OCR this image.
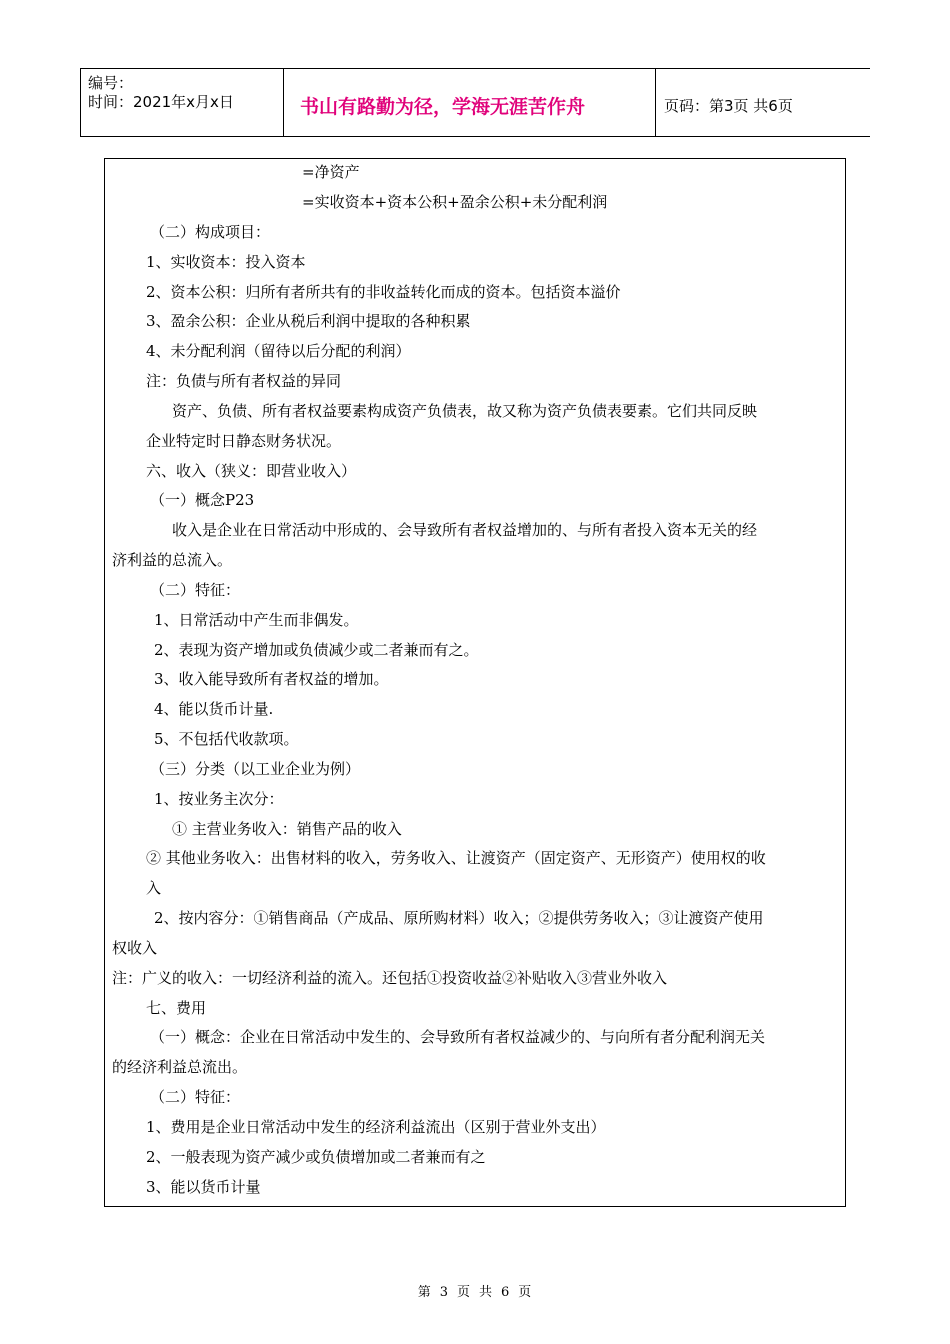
编号：
时间：2021年x月x日	书山有路勤为径，学海无涯苦作舟	页码：第3页 共6页
=净资产
=实收资本+资本公积+盈余公积+未分配利润
（二）构成项目：
1、实收资本：投入资本
2、资本公积：归所有者所共有的非收益转化而成的资本。包括资本溢价
3、盈余公积：企业从税后利润中提取的各种积累
4、未分配利润（留待以后分配的利润）
注：负债与所有者权益的异同
资产、负债、所有者权益要素构成资产负债表，故又称为资产负债表要素。它们共同反映
企业特定时日静态财务状况。
六、收入（狭义：即营业收入）
（一）概念P23
收入是企业在日常活动中形成的、会导致所有者权益增加的、与所有者投入资本无关的经
济利益的总流入。
（二）特征：
1、日常活动中产生而非偶发。
2、表现为资产增加或负债减少或二者兼而有之。
3、收入能导致所有者权益的增加。
4、能以货币计量.
5、不包括代收款项。
（三）分类（以工业企业为例）
1、按业务主次分：
① 主营业务收入：销售产品的收入
② 其他业务收入：出售材料的收入，劳务收入、让渡资产（固定资产、无形资产）使用权的收
入
2、按内容分：①销售商品（产成品、原所购材料）收入；②提供劳务收入；③让渡资产使用
权收入
注：广义的收入：一切经济利益的流入。还包括①投资收益②补贴收入③营业外收入
七、费用
（一）概念：企业在日常活动中发生的、会导致所有者权益减少的、与向所有者分配利润无关
的经济利益总流出。
（二）特征：
1、费用是企业日常活动中发生的经济利益流出（区别于营业外支出）
2、一般表现为资产减少或负债增加或二者兼而有之
3、能以货币计量
第 3 页 共 6 页
